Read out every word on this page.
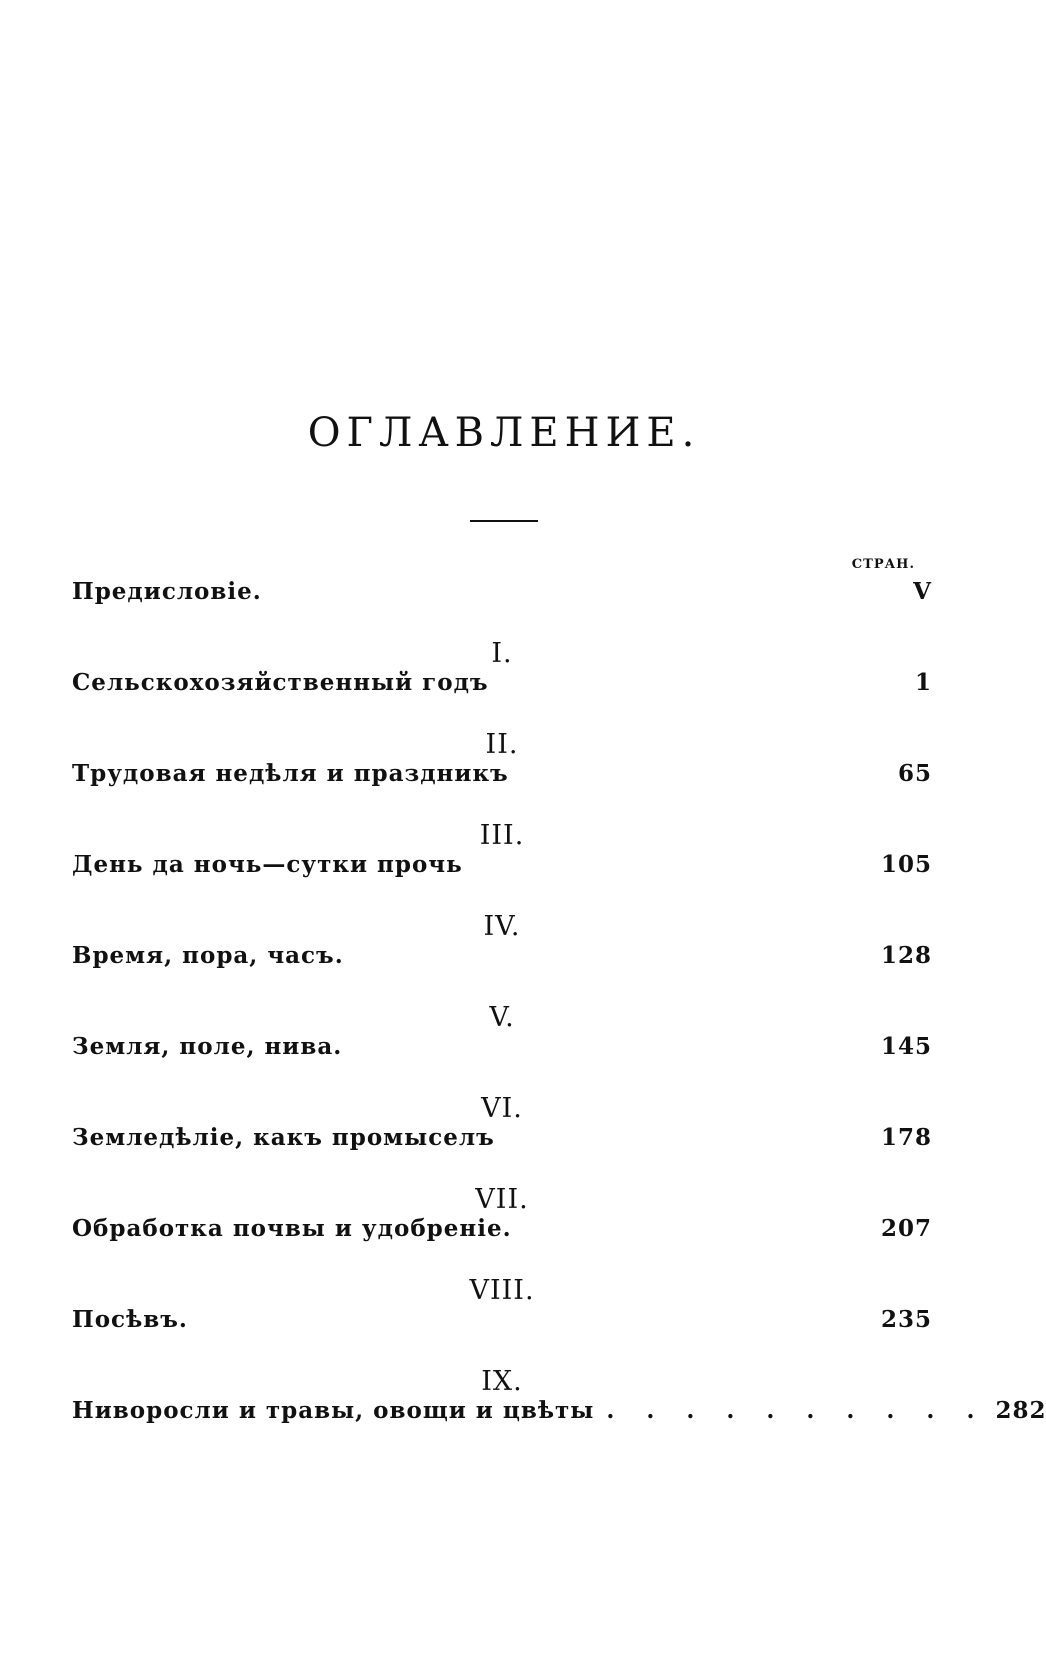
ОГЛАВЛЕНИЕ.
СТРАН.
Предисловіе.	V
I.
Сельскохозяйственный годъ	1
II.
Трудовая недѣля и праздникъ	65
III.
День да ночь—сутки прочь	105
IV.
Время, пора, часъ.	128
V.
Земля, поле, нива.	145
VI.
Земледѣліе, какъ промыселъ	178
VII.
Обработка почвы и удобреніе.	207
VIII.
Посѣвъ.	235
IX.
Ниворосли и травы, овощи и цвѣты . . . . . . . . . . 282
